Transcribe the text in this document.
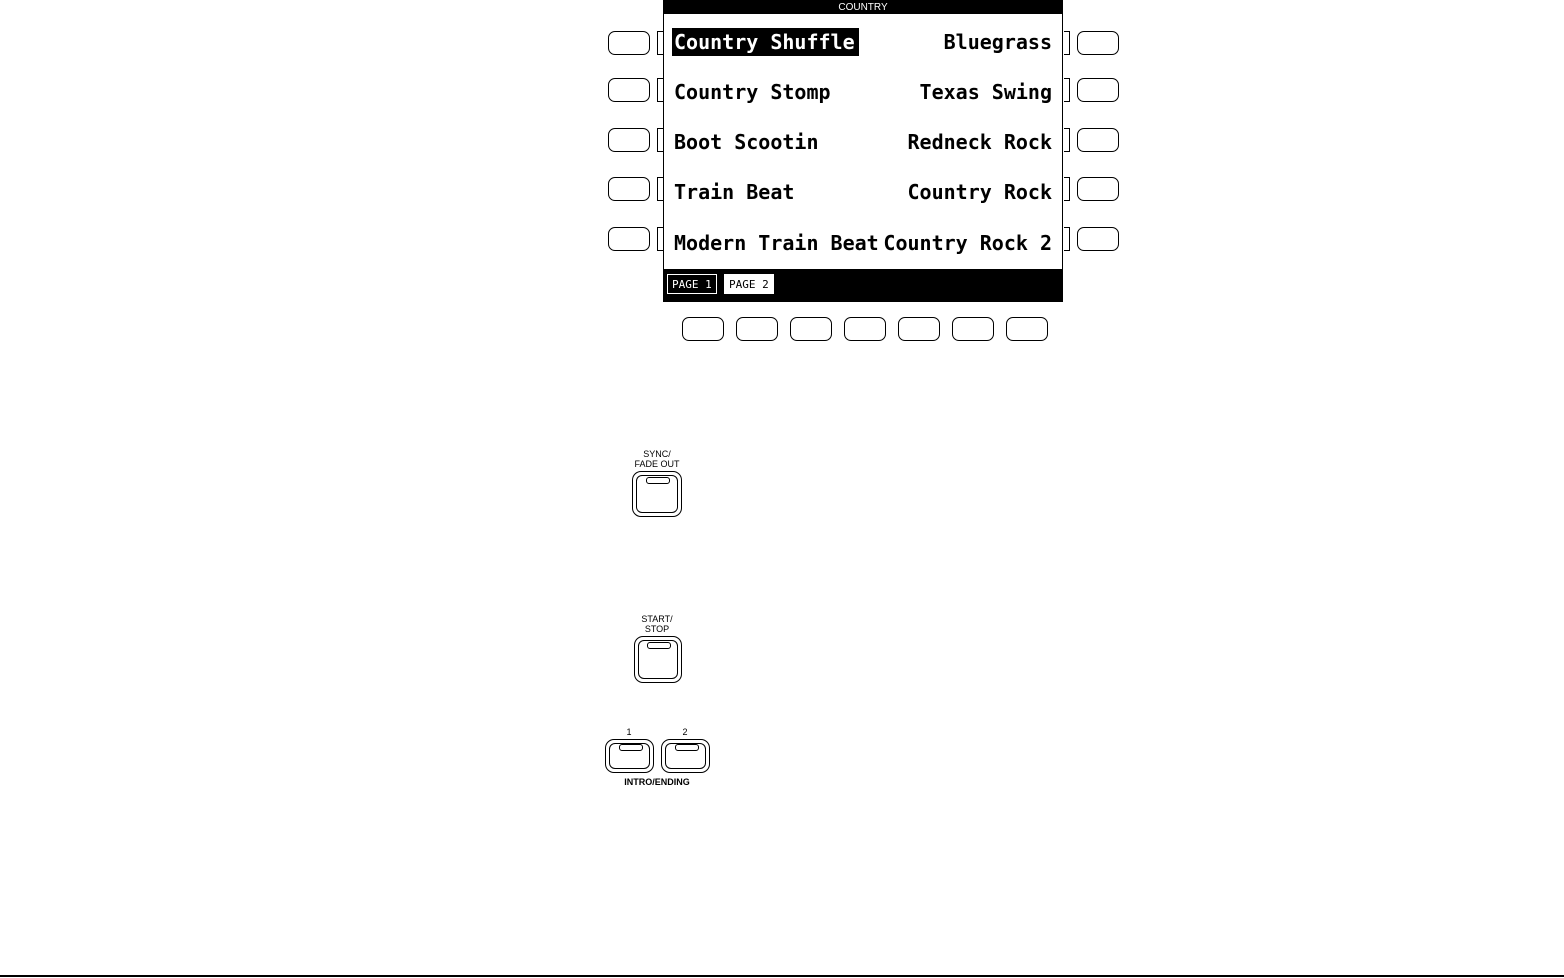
COUNTRY
Country Shuffle	Bluegrass
Country Stomp	Texas Swing
Boot Scootin	Redneck Rock
Train Beat	Country Rock
Modern Train Beat Country Rock 2
PAGE 1	PAGE 2
SYNC/
FADE OUT
START/
STOP
1	2
INTRO/ENDING
